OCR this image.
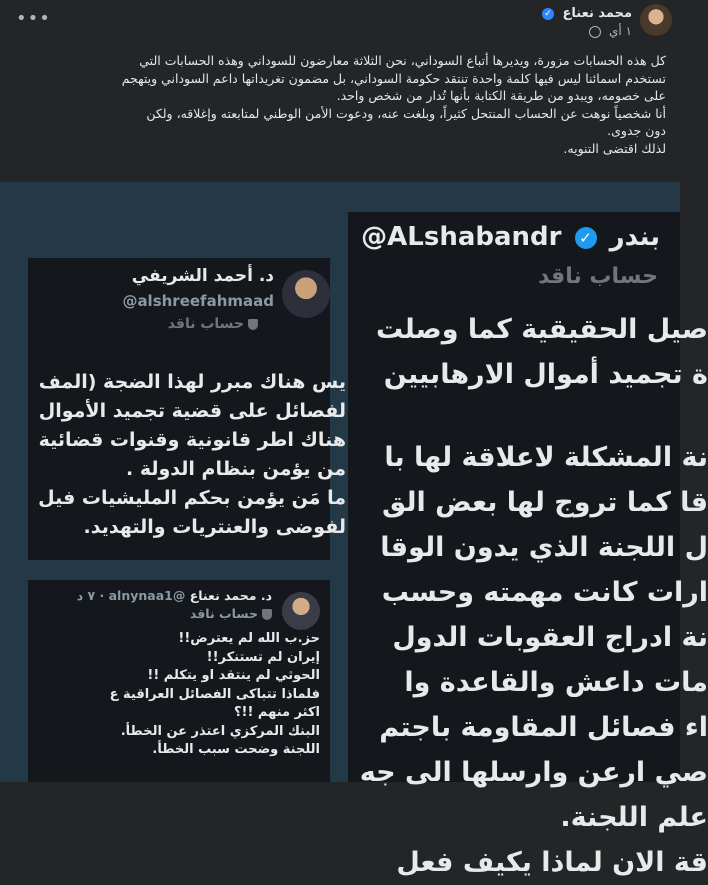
محمد نعناع ✓
١ أي
•••

كل هذه الحسابات مزورة، ويديرها أتباع السوداني، نحن الثلاثة معارضون للسوداني وهذه الحسابات التي

تستخدم اسمائنا ليس فيها كلمة واحدة تنتقد حكومة السوداني، بل مضمون تغريداتها داعم السوداني ويتهجم

على خصومه، ويبدو من طريقة الكتابة بأنها تُدار من شخص واحد.

أنا شخصياً نوهت عن الحساب المنتحل كثيراً، وبلغت عنه، ودعوت الأمن الوطني لمتابعته وإغلاقه، ولكن

دون جدوى.

لذلك اقتضى التنويه.

@ALshabandr ✓ بندر
حساب ناقد
صيل الحقيقية كما وصلت
ة تجميد أموال الارهابيين
نة المشكلة لاعلاقة لها با
قا كما تروج لها بعض الق
ل اللجنة الذي يدون الوقا
ارات كانت مهمته وحسب
نة ادراج العقوبات الدول
مات داعش والقاعدة وا
اء فصائل المقاومة باجتم
صي ارعن وارسلها الى جه
علم اللجنة.
قة الان لماذا يكيف فعل
د. أحمد الشريفي
@alshreefahmaad
حساب ناقد
يس هناك مبرر لهذا الضجة (المف
لفصائل على قضية تجميد الأموال
هناك اطر قانونية وقنوات قضائية
من يؤمن بنظام الدولة .
ما مَن يؤمن بحكم المليشيات فيل
لفوضى والعنتريات والتهديد.
د. محمد نعناع @alnynaa1 · ٧ د
حساب ناقد
حز.ب الله لم يعترض!!
إيران لم تستنكر!!
الحوثي لم ينتقد او يتكلم !!
فلماذا تتباكى الفصائل العراقية ع
اكثر منهم !!؟
البنك المركزي اعتذر عن الخطأ.
اللجنة وضحت سبب الخطأ.
